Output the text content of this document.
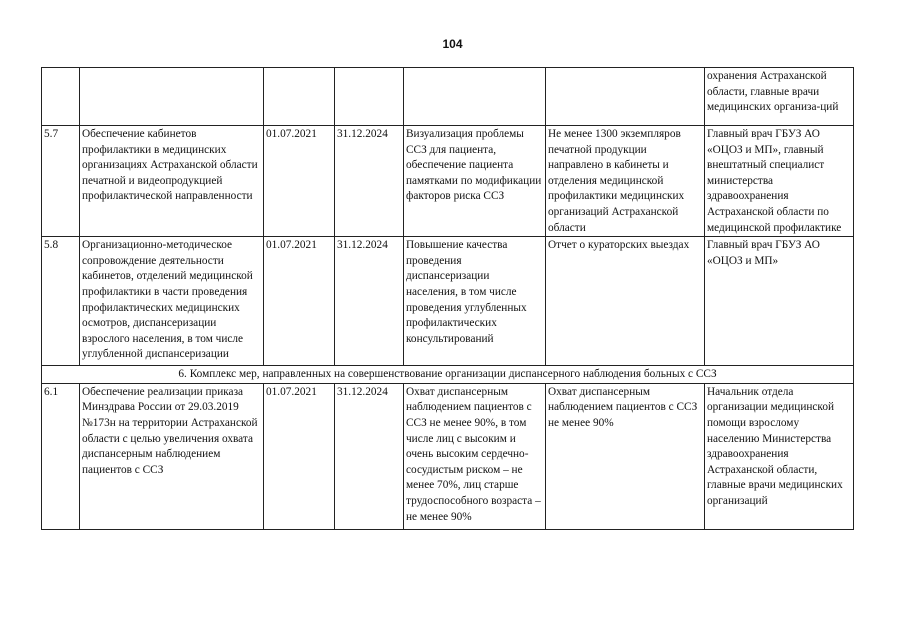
104
						охранения Астраханской области, главные врачи медицинских организа-ций
5.7	Обеспечение кабинетов профилактики в медицинских организациях Астраханской области печатной и видеопродукцией профилактической направленности	01.07.2021	31.12.2024	Визуализация проблемы ССЗ для пациента, обеспечение пациента памятками по модификации факторов риска ССЗ	Не менее 1300 экземпляров печатной продукции направлено в кабинеты и отделения медицинской профилактики медицинских организаций Астраханской области	Главный врач ГБУЗ АО «ОЦОЗ и МП», главный внештатный специалист министерства здравоохранения Астраханской области по медицинской профилактике
5.8	Организационно-методическое сопровождение деятельности кабинетов, отделений медицинской профилактики в части проведения профилактических медицинских осмотров, диспансеризации взрослого населения, в том числе углубленной диспансеризации	01.07.2021	31.12.2024	Повышение качества проведения диспансеризации населения, в том числе проведения углубленных профилактических консультирований	Отчет о кураторских выездах	Главный врач ГБУЗ АО «ОЦОЗ и МП»
6. Комплекс мер, направленных на совершенствование организации диспансерного наблюдения больных с ССЗ						
6.1	Обеспечение реализации приказа Минздрава России от 29.03.2019 №173н на территории Астраханской области с целью увеличения охвата диспансерным наблюдением пациентов с ССЗ	01.07.2021	31.12.2024	Охват диспансерным наблюдением пациентов с ССЗ не менее 90%, в том числе лиц с высоким и очень высоким сердечно-сосудистым риском – не менее 70%, лиц старше трудоспособного возраста – не менее 90%	Охват диспансерным наблюдением пациентов с ССЗ не менее 90%	Начальник отдела организации медицинской помощи взрослому населению Министерства здравоохранения Астраханской области, главные врачи медицинских организаций
